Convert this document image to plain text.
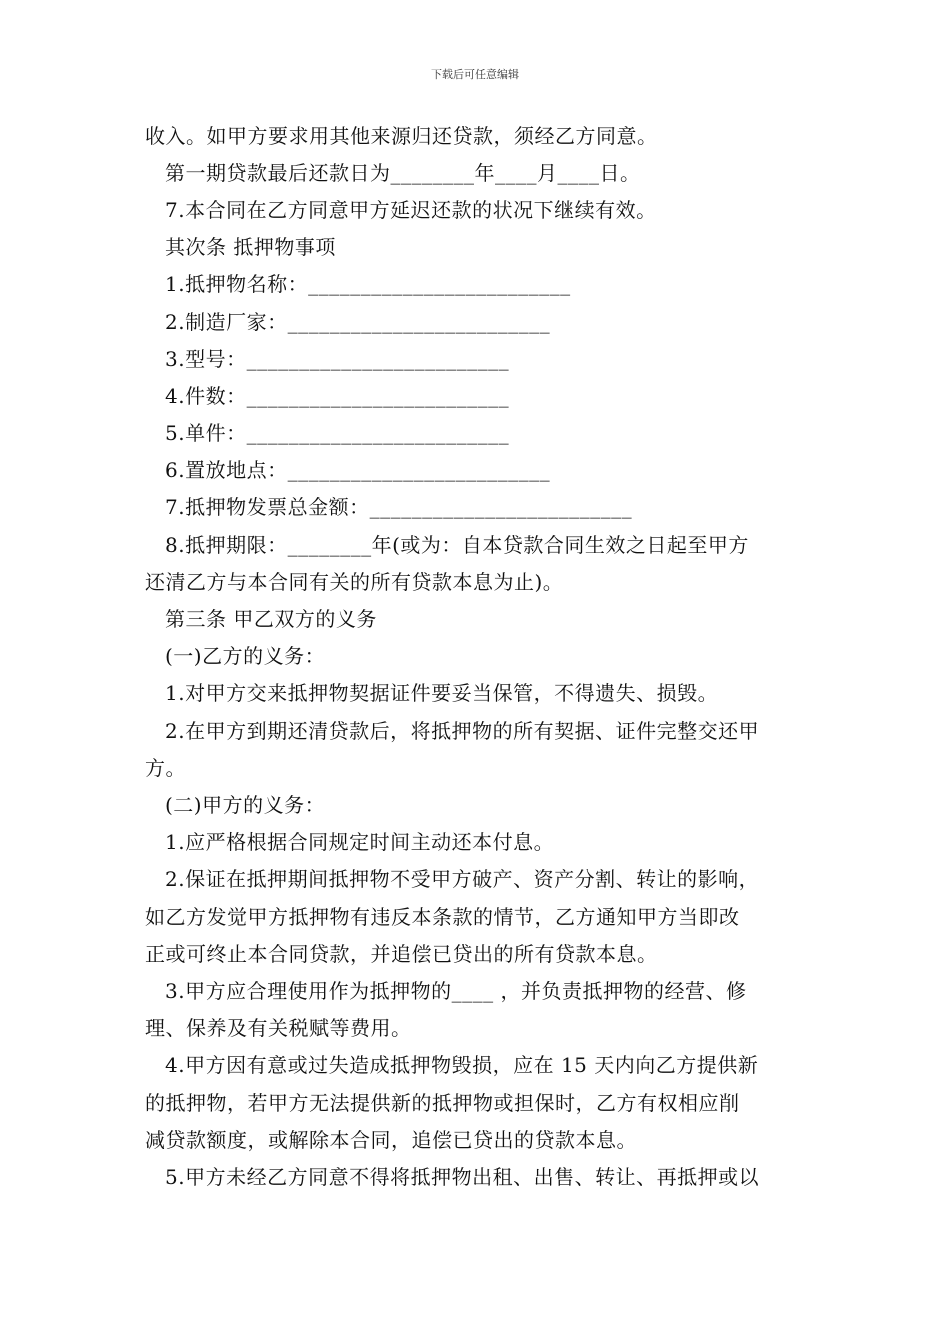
下载后可任意编辑
收入。如甲方要求用其他来源归还贷款，须经乙方同意。
第一期贷款最后还款日为________年____月____日。
7.本合同在乙方同意甲方延迟还款的状况下继续有效。
其次条 抵押物事项
1.抵押物名称：_________________________
2.制造厂家：_________________________
3.型号：_________________________
4.件数：_________________________
5.单件：_________________________
6.置放地点：_________________________
7.抵押物发票总金额：_________________________
8.抵押期限：________年(或为：自本贷款合同生效之日起至甲方
还清乙方与本合同有关的所有贷款本息为止)。
第三条 甲乙双方的义务
(一)乙方的义务：
1.对甲方交来抵押物契据证件要妥当保管，不得遗失、损毁。
2.在甲方到期还清贷款后，将抵押物的所有契据、证件完整交还甲
方。
(二)甲方的义务：
1.应严格根据合同规定时间主动还本付息。
2.保证在抵押期间抵押物不受甲方破产、资产分割、转让的影响，
如乙方发觉甲方抵押物有违反本条款的情节，乙方通知甲方当即改
正或可终止本合同贷款，并追偿已贷出的所有贷款本息。
3.甲方应合理使用作为抵押物的____ ，并负责抵押物的经营、修
理、保养及有关税赋等费用。
4.甲方因有意或过失造成抵押物毁损，应在 15 天内向乙方提供新
的抵押物，若甲方无法提供新的抵押物或担保时，乙方有权相应削
减贷款额度，或解除本合同，追偿已贷出的贷款本息。
5.甲方未经乙方同意不得将抵押物出租、出售、转让、再抵押或以
